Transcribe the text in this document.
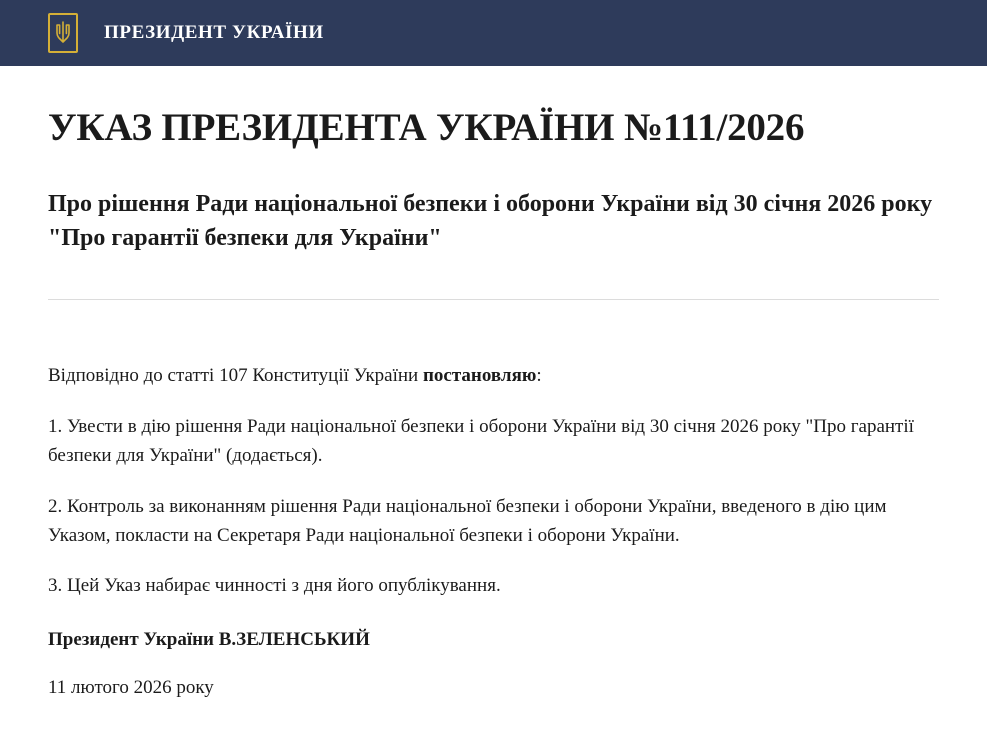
ПРЕЗИДЕНТ УКРАЇНИ
УКАЗ ПРЕЗИДЕНТА УКРАЇНИ №111/2026
Про рішення Ради національної безпеки і оборони України від 30 січня 2026 року "Про гарантії безпеки для України"

Відповідно до статті 107 Конституції України постановляю:

1. Увести в дію рішення Ради національної безпеки і оборони України від 30 січня 2026 року "Про гарантії безпеки для України" (додається).

2. Контроль за виконанням рішення Ради національної безпеки і оборони України, введеного в дію цим Указом, покласти на Секретаря Ради національної безпеки і оборони України.

3. Цей Указ набирає чинності з дня його опублікування.

Президент України В.ЗЕЛЕНСЬКИЙ
11 лютого 2026 року
